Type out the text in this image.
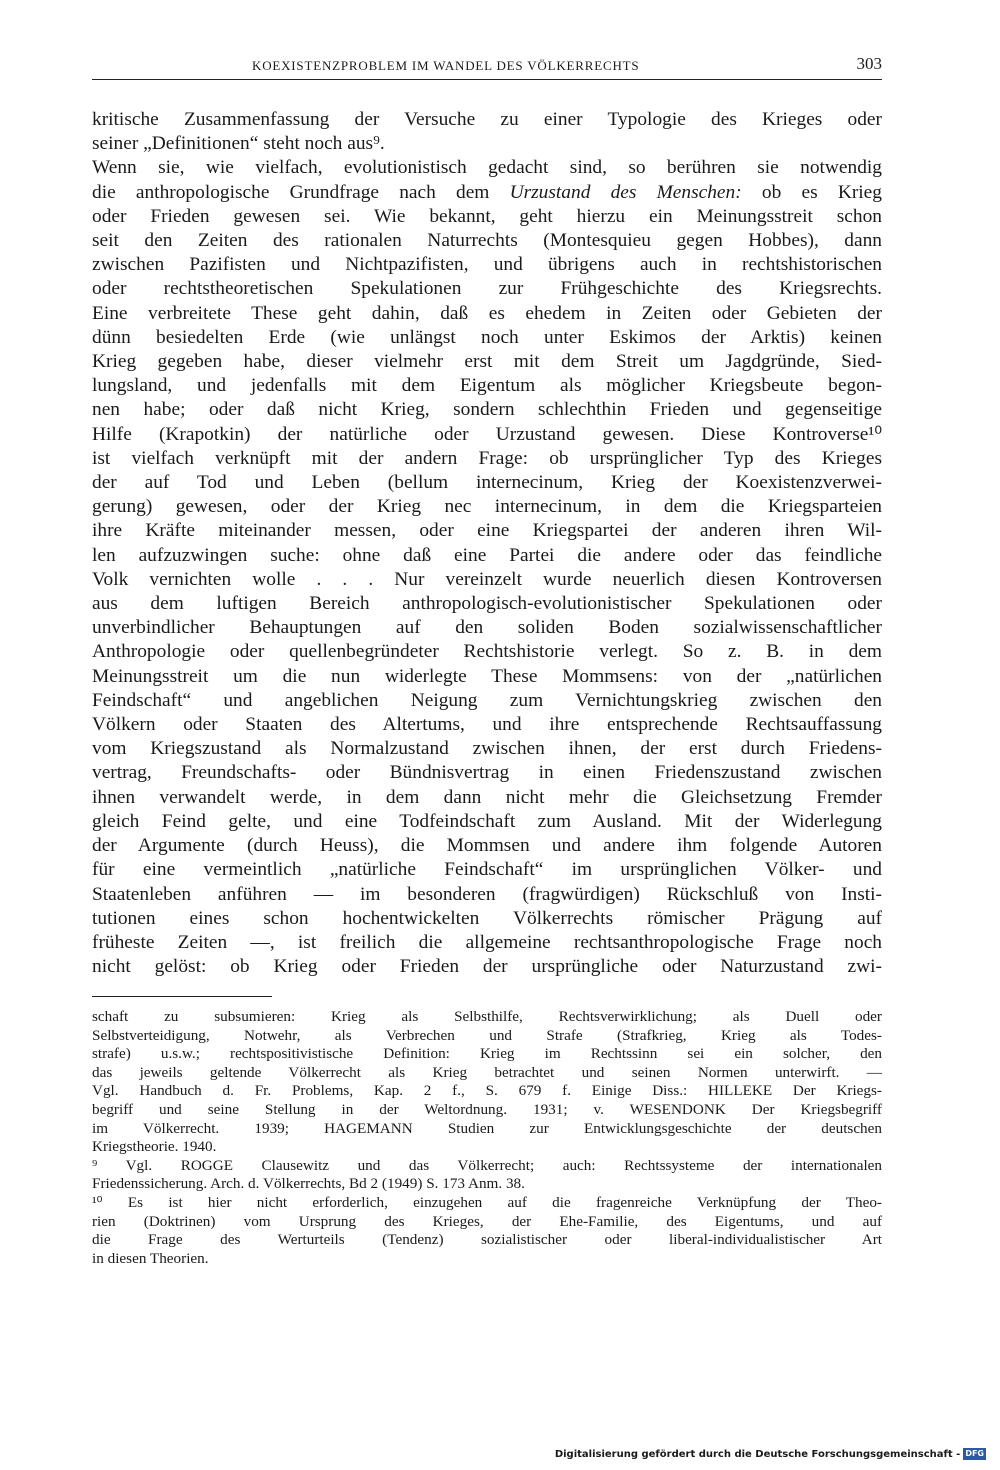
KOEXISTENZPROBLEM IM WANDEL DES VÖLKERRECHTS	303
kritische Zusammenfassung der Versuche zu einer Typologie des Krieges oder
seiner „Definitionen“ steht noch aus⁹.
Wenn sie, wie vielfach, evolutionistisch gedacht sind, so berühren sie notwendig
die anthropologische Grundfrage nach dem Urzustand des Menschen: ob es Krieg
oder Frieden gewesen sei. Wie bekannt, geht hierzu ein Meinungsstreit schon
seit den Zeiten des rationalen Naturrechts (Montesquieu gegen Hobbes), dann
zwischen Pazifisten und Nichtpazifisten, und übrigens auch in rechtshistorischen
oder rechtstheoretischen Spekulationen zur Frühgeschichte des Kriegsrechts.
Eine verbreitete These geht dahin, daß es ehedem in Zeiten oder Gebieten der
dünn besiedelten Erde (wie unlängst noch unter Eskimos der Arktis) keinen
Krieg gegeben habe, dieser vielmehr erst mit dem Streit um Jagdgründe, Sied-
lungsland, und jedenfalls mit dem Eigentum als möglicher Kriegsbeute begon-
nen habe; oder daß nicht Krieg, sondern schlechthin Frieden und gegenseitige
Hilfe (Krapotkin) der natürliche oder Urzustand gewesen. Diese Kontroverse¹⁰
ist vielfach verknüpft mit der andern Frage: ob ursprünglicher Typ des Krieges
der auf Tod und Leben (bellum internecinum, Krieg der Koexistenzverwei-
gerung) gewesen, oder der Krieg nec internecinum, in dem die Kriegsparteien
ihre Kräfte miteinander messen, oder eine Kriegspartei der anderen ihren Wil-
len aufzuzwingen suche: ohne daß eine Partei die andere oder das feindliche
Volk vernichten wolle . . . Nur vereinzelt wurde neuerlich diesen Kontroversen
aus dem luftigen Bereich anthropologisch-evolutionistischer Spekulationen oder
unverbindlicher Behauptungen auf den soliden Boden sozialwissenschaftlicher
Anthropologie oder quellenbegründeter Rechtshistorie verlegt. So z. B. in dem
Meinungsstreit um die nun widerlegte These Mommsens: von der „natürlichen
Feindschaft“ und angeblichen Neigung zum Vernichtungskrieg zwischen den
Völkern oder Staaten des Altertums, und ihre entsprechende Rechtsauffassung
vom Kriegszustand als Normalzustand zwischen ihnen, der erst durch Friedens-
vertrag, Freundschafts- oder Bündnisvertrag in einen Friedenszustand zwischen
ihnen verwandelt werde, in dem dann nicht mehr die Gleichsetzung Fremder
gleich Feind gelte, und eine Todfeindschaft zum Ausland. Mit der Widerlegung
der Argumente (durch Heuss), die Mommsen und andere ihm folgende Autoren
für eine vermeintlich „natürliche Feindschaft“ im ursprünglichen Völker- und
Staatenleben anführen — im besonderen (fragwürdigen) Rückschluß von Insti-
tutionen eines schon hochentwickelten Völkerrechts römischer Prägung auf
früheste Zeiten —, ist freilich die allgemeine rechtsanthropologische Frage noch
nicht gelöst: ob Krieg oder Frieden der ursprüngliche oder Naturzustand zwi-
schaft zu subsumieren: Krieg als Selbsthilfe, Rechtsverwirklichung; als Duell oder
Selbstverteidigung, Notwehr, als Verbrechen und Strafe (Strafkrieg, Krieg als Todes-
strafe) u.s.w.; rechtspositivistische Definition: Krieg im Rechtssinn sei ein solcher, den
das jeweils geltende Völkerrecht als Krieg betrachtet und seinen Normen unterwirft. —
Vgl. Handbuch d. Fr. Problems, Kap. 2 f., S. 679 f. Einige Diss.: HILLEKE Der Kriegs-
begriff und seine Stellung in der Weltordnung. 1931; v. WESENDONK Der Kriegsbegriff
im Völkerrecht. 1939; HAGEMANN Studien zur Entwicklungsgeschichte der deutschen
Kriegstheorie. 1940.
⁹ Vgl. ROGGE Clausewitz und das Völkerrecht; auch: Rechtssysteme der internationalen
Friedenssicherung. Arch. d. Völkerrechts, Bd 2 (1949) S. 173 Anm. 38.
¹⁰ Es ist hier nicht erforderlich, einzugehen auf die fragenreiche Verknüpfung der Theo-
rien (Doktrinen) vom Ursprung des Krieges, der Ehe-Familie, des Eigentums, und auf
die Frage des Werturteils (Tendenz) sozialistischer oder liberal-individualistischer Art
in diesen Theorien.
Digitalisierung gefördert durch die Deutsche Forschungsgemeinschaft - DFG
